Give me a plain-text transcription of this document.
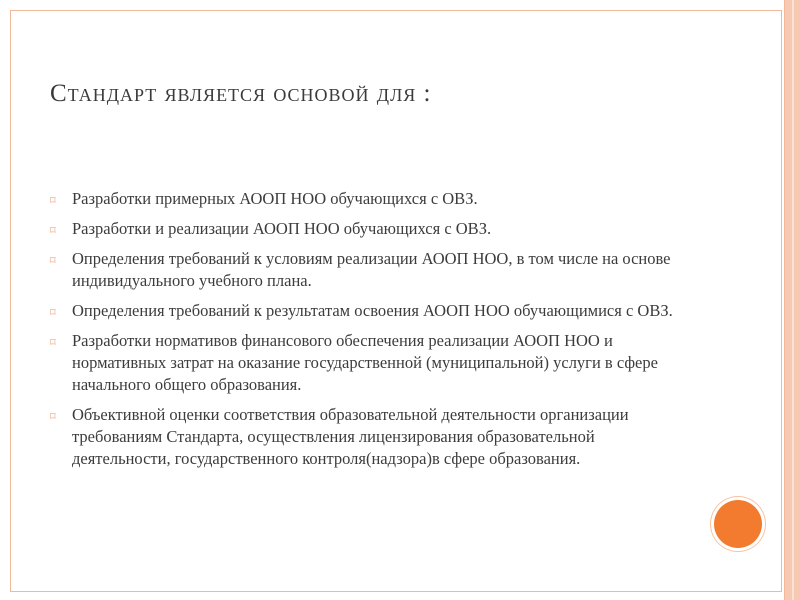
Стандарт является основой для :
⌑ Разработки примерных АООП НОО обучающихся с ОВЗ.
⌑ Разработки и реализации АООП НОО обучающихся с ОВЗ.
⌑ Определения требований к условиям реализации АООП НОО, в том числе на основе индивидуального учебного плана.
⌑ Определения требований к результатам освоения АООП НОО обучающимися с ОВЗ.
⌑ Разработки нормативов финансового обеспечения реализации АООП НОО и нормативных затрат на оказание государственной (муниципальной) услуги в сфере начального общего образования.
⌑ Объективной оценки соответствия образовательной деятельности организации требованиям Стандарта, осуществления лицензирования образовательной деятельности, государственного контроля(надзора)в сфере образования.
